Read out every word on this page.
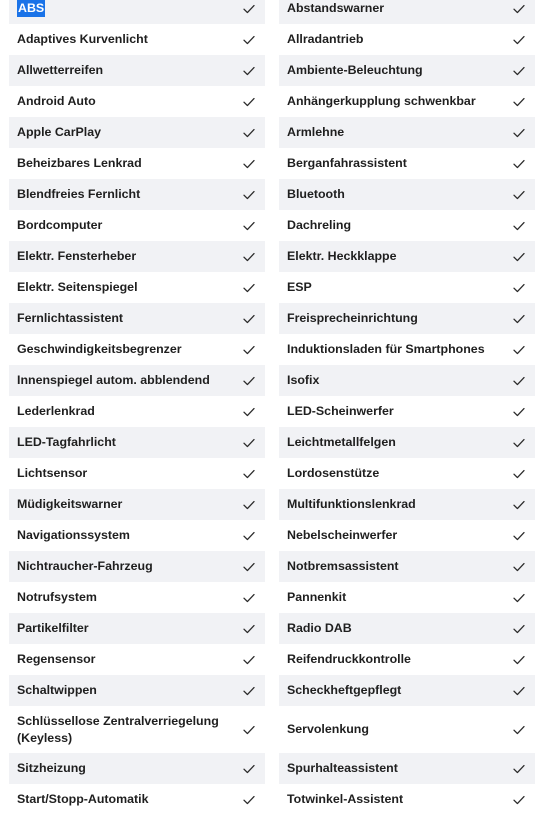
ABS
Adaptives Kurvenlicht
Allwetterreifen
Android Auto
Apple CarPlay
Beheizbares Lenkrad
Blendfreies Fernlicht
Bordcomputer
Elektr. Fensterheber
Elektr. Seitenspiegel
Fernlichtassistent
Geschwindigkeitsbegrenzer
Innenspiegel autom. abblendend
Lederlenkrad
LED-Tagfahrlicht
Lichtsensor
Müdigkeitswarner
Navigationssystem
Nichtraucher-Fahrzeug
Notrufsystem
Partikelfilter
Regensensor
Schaltwippen
Schlüssellose Zentralverriegelung
(Keyless)
Sitzheizung
Start/Stopp-Automatik
Abstandswarner
Allradantrieb
Ambiente-Beleuchtung
Anhängerkupplung schwenkbar
Armlehne
Berganfahrassistent
Bluetooth
Dachreling
Elektr. Heckklappe
ESP
Freisprecheinrichtung
Induktionsladen für Smartphones
Isofix
LED-Scheinwerfer
Leichtmetallfelgen
Lordosenstütze
Multifunktionslenkrad
Nebelscheinwerfer
Notbremsassistent
Pannenkit
Radio DAB
Reifendruckkontrolle
Scheckheftgepflegt
Servolenkung
Spurhalteassistent
Totwinkel-Assistent
